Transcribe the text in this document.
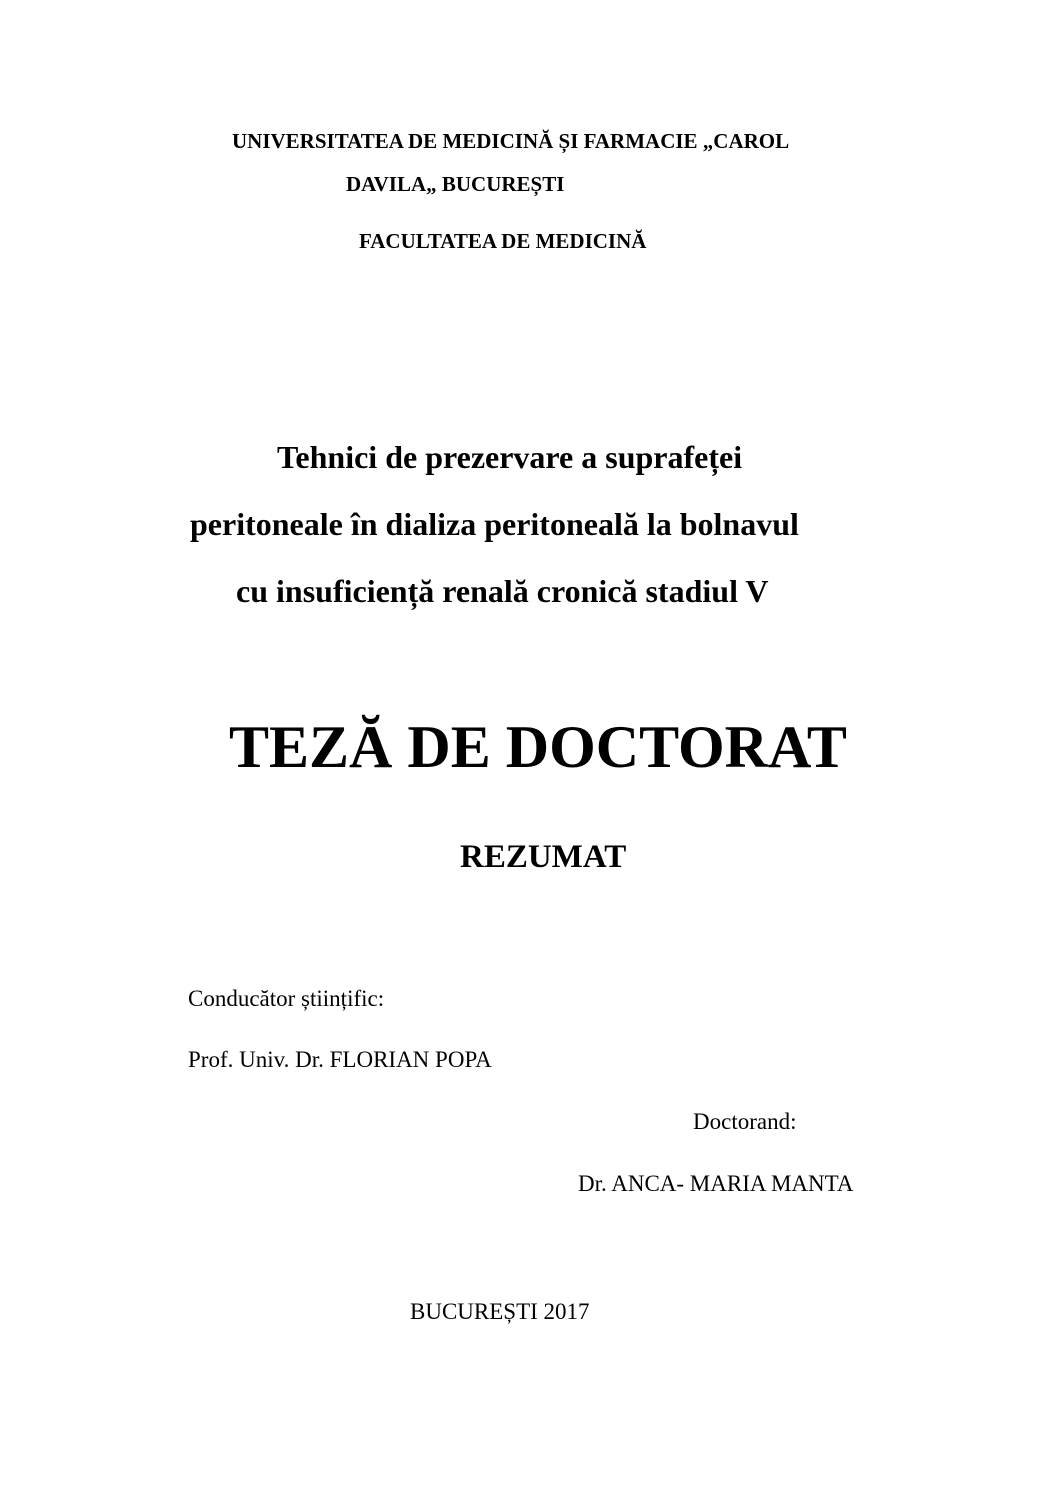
UNIVERSITATEA DE MEDICINĂ ȘI FARMACIE „CAROL
DAVILA„ BUCUREȘTI
FACULTATEA DE MEDICINĂ
Tehnici de prezervare a suprafeței
peritoneale în dializa peritoneală la bolnavul
cu insuficiență renală cronică stadiul V
TEZĂ DE DOCTORAT
REZUMAT
Conducător științific:
Prof. Univ. Dr. FLORIAN POPA
Doctorand:
Dr. ANCA- MARIA MANTA
BUCUREȘTI 2017
